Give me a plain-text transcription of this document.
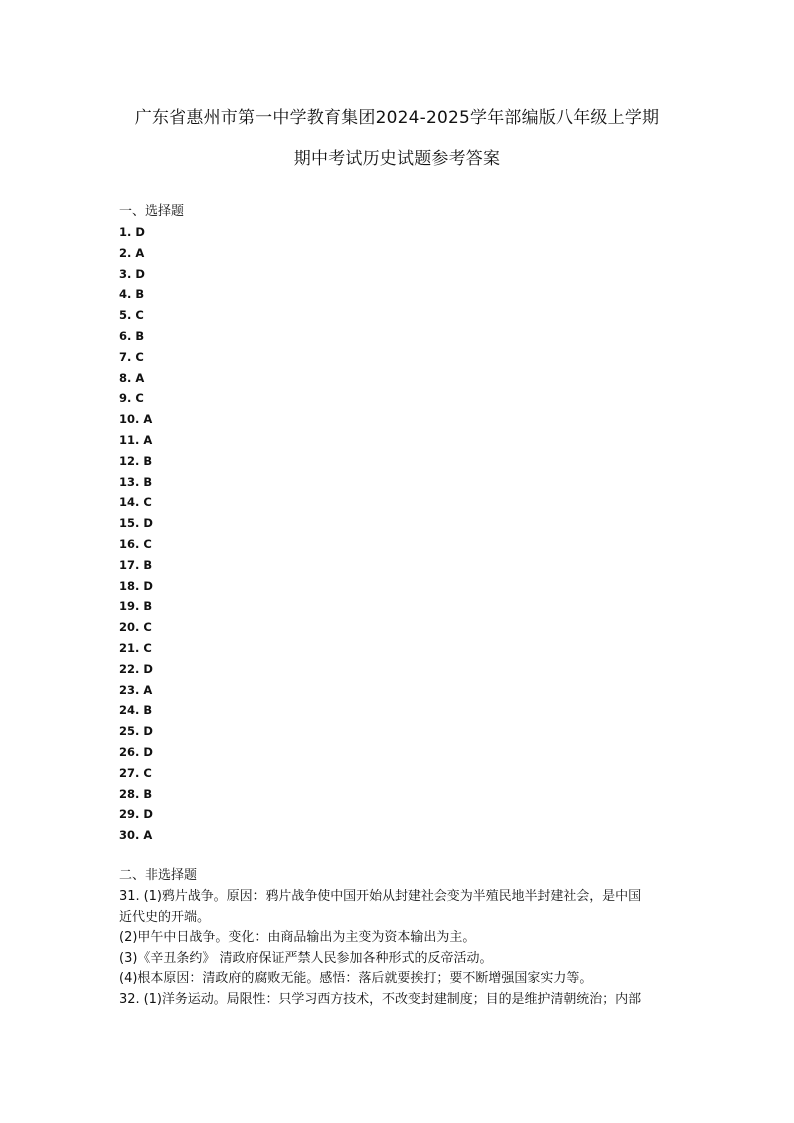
广东省惠州市第一中学教育集团2024-2025学年部编版八年级上学期
期中考试历史试题参考答案
一、选择题
1. D
2. A
3. D
4. B
5. C
6. B
7. C
8. A
9. C
10. A
11. A
12. B
13. B
14. C
15. D
16. C
17. B
18. D
19. B
20. C
21. C
22. D
23. A
24. B
25. D
26. D
27. C
28. B
29. D
30. A
二、非选择题

31. (1)鸦片战争。原因：鸦片战争使中国开始从封建社会变为半殖民地半封建社会，是中国

近代史的开端。

(2)甲午中日战争。变化：由商品输出为主变为资本输出为主。

(3)《辛丑条约》 清政府保证严禁人民参加各种形式的反帝活动。

(4)根本原因：清政府的腐败无能。感悟：落后就要挨打；要不断增强国家实力等。

32. (1)洋务运动。局限性：只学习西方技术，不改变封建制度；目的是维护清朝统治；内部
